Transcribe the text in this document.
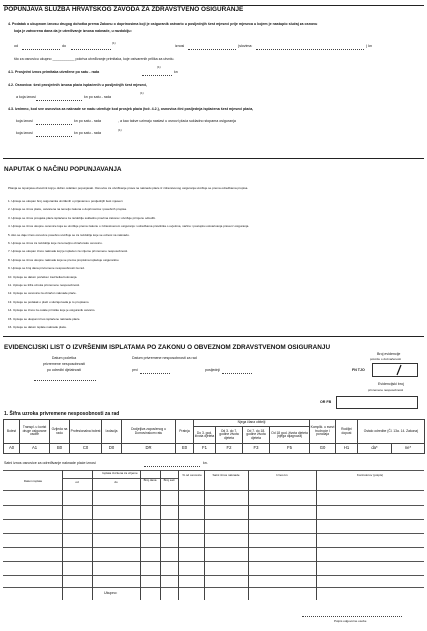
POPUNJAVA SLUŽBA HRVATSKOG ZAVODA ZA ZDRAVSTVENO OSIGURANJE
4. Podatak o ukupnom iznosu drugog dohotka prema Zakonu o doprinosima koji je osiguranik ostvario u posljednjih šest mjeseci prije mjeseca u kojem je nastupio slučaj za osnovu
koja je zatvorena dana da je utvrđivanje iznosa naknade, u razdoblju:
od	do
(1)
iznosi	(slovima:	) kn
što za osnovicu ukupno ___________ pokriva utvrđivanje primitaka, koje ostvarenih prilika za utvrdu.
(1)
4.1. Prosječni iznos primitaka utvrđene po satu - rada	kn
4.2. Osnovica: šest prosječnih iznosa plaća isplaćenih u posljednjih šest mjeseci,
(1)
a koja iznosi	kn po satu - rada
4.3. Iznimno, kod sve osnovica za naknade se nadu utvrđuje kod prosjek plaća (toč. 4.2.), osnovica čini posljednja isplaćena šest mjeseci plaća,
koja iznosi	kn po satu - rada	, a kao takve uzimaju nastavi u osnovi plaća sukladno stopama osiguranja
koja iznosi	kn po satu - rada
(1)
NAPUTAK O NAČINU POPUNJAVANJA
Pitanja se ispunjava obveznik koji je dužan ovlašten popunjavati. Osnovice za utvrđivanje prava na naknadu plaće iz zdravstvenog osiguranja utvrđuje se prema odredbama propisa.
1. Upisuje se ukupan broj osiguranika utvrđenih u prijavama u posljednjih šest mjeseci.
2. Upisuje se iznos plaće, ostvarena na temelju zakona o doprinosima i posebnih propisa.
3. Upisuje se iznos prosjeka plaće isplaćena za razdoblje sukladno pravima zakona i utvrđuje primjenu odredbi.
4. Upisuje se iznos ukupne osnovice koja se utvrđuje prema zakonu o zdravstvenom osiguranju i odredbama pravilnika o uvjetima, načinu i postupku ostvarivanja prava iz osiguranja.
5. Ako se daje iznos osnovice posebno utvrđuje se za razdoblje koje se odnosi na naknadu.
6. Upisuje se iznos za razdoblje koje za temeljnu obračunsku osnovicu.
7. Upisuje se ukupan iznos naknade koji je isplaćen za vrijeme privremene nesposobnosti.
8. Upisuje se iznos ukupne naknade koja se prema propisima isplaćuje osiguraniku.
9. Upisuje se broj dana privremene nesposobnosti za rad.
10. Upisuje se datum početka i završetka bolovanja.
11. Upisuje se šifra uzroka privremene nesposobnosti.
12. Upisuje se osnovica za obračun naknade plaće.
13. Upisuje se podatak o plaći u slučaju kada je to propisano.
14. Upisuje se iznos za ostale primitke koje je osiguranik ostvario.
15. Upisuje se ukupan iznos isplaćene naknade plaće.
16. Upisuje se datum isplate naknade plaće.
EVIDENCIJSKI LIST O IZVRŠENIM ISPLATAMA PO ZAKONU O OBVEZNOM ZDRAVSTVENOM OSIGURANJU
Datum početka
privremene nesposobnosti
po odredbi djelatnosti
Datum privremene nesposobnosti za rad
prvi	posljednji
Broj evidencije
potvrde o doznačenosti
FN TJO
Evidencijski broj
privremene nesposobnosti
OR FB
1. Šifra uzroka privremene nesposobnosti za rad
Bolest	Transpl. u korist druge osigurane osobe	Ozljeda na radu	Profesionalna bolest	Izolacija	Dodjeljiva zaposlenog u Domovinskom ratu	Pratnja	Njega člana obitelji				Komplik. u svezi trudnoće i porođaja	Rodiljni dopust	Ostalo odredbe (Čl. 13a. 14. Zakona)	
							Do 3. god. života djeteta	Od 3. do 7. godine života djeteta	Od 7. do 18. godine života djeteta	Od 18 god. života djeteta (njega dijagnoza)				
A0	A1	B0	C0	D0	DR	E0	F1	F2	F3	F5	G0	H1	da*	ne*
Satni iznos osnovice za određivanje naknade plaće iznosi	kn.
Isplata izvršena za vrijeme
Datum isplate	od	do	Broj dana	Broj sati
% od osnovice	Satni iznos naknade	Iznos kn	Kontrolorov (potpis)
Ukupno:
Potpis odgovorne osobe
